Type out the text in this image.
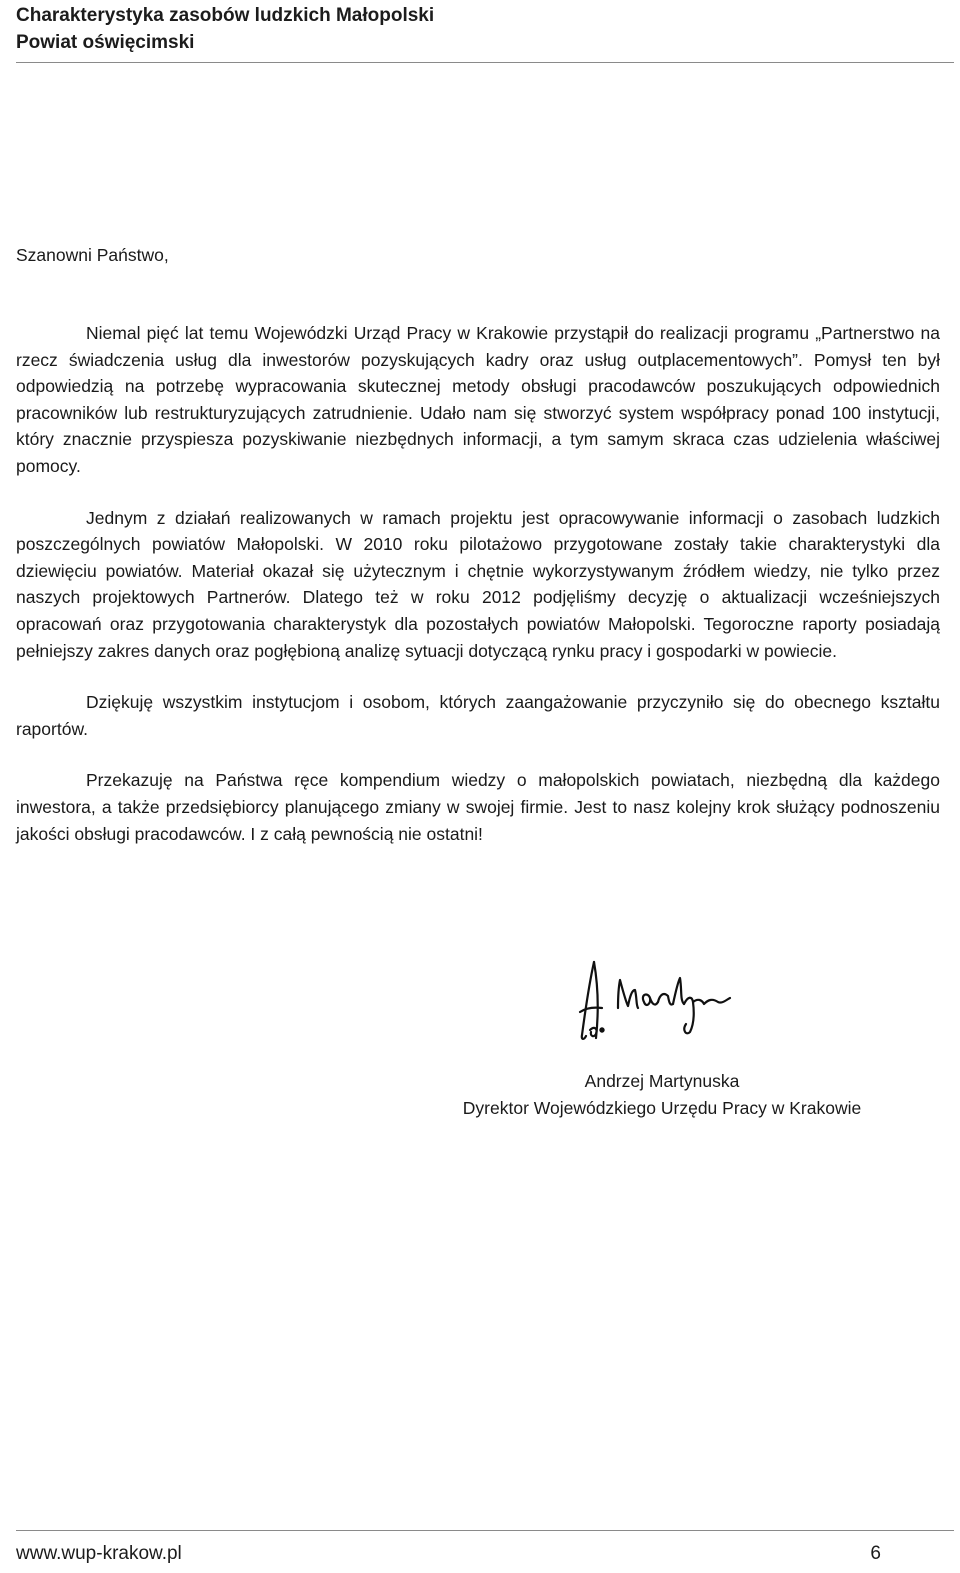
Charakterystyka zasobów ludzkich Małopolski
Powiat oświęcimski
Szanowni Państwo,

Niemal pięć lat temu Wojewódzki Urząd Pracy w Krakowie przystąpił do realizacji programu „Partnerstwo na rzecz świadczenia usług dla inwestorów pozyskujących kadry oraz usług outplacementowych”. Pomysł ten był odpowiedzią na potrzebę wypracowania skutecznej metody obsługi pracodawców poszukujących odpowiednich pracowników lub restrukturyzujących zatrudnienie. Udało nam się stworzyć system współpracy ponad 100 instytucji, który znacznie przyspiesza pozyskiwanie niezbędnych informacji, a tym samym skraca czas udzielenia właściwej pomocy.

Jednym z działań realizowanych w ramach projektu jest opracowywanie informacji o zasobach ludzkich poszczególnych powiatów Małopolski. W 2010 roku pilotażowo przygotowane zostały takie charakterystyki dla dziewięciu powiatów. Materiał okazał się użytecznym i chętnie wykorzystywanym źródłem wiedzy, nie tylko przez naszych projektowych Partnerów. Dlatego też w roku 2012 podjęliśmy decyzję o aktualizacji wcześniejszych opracowań oraz przygotowania charakterystyk dla pozostałych powiatów Małopolski. Tegoroczne raporty posiadają pełniejszy zakres danych oraz pogłębioną analizę sytuacji dotyczącą rynku pracy i gospodarki w powiecie.

Dziękuję wszystkim instytucjom i osobom, których zaangażowanie przyczyniło się do obecnego kształtu raportów.

Przekazuję na Państwa ręce kompendium wiedzy o małopolskich powiatach, niezbędną dla każdego inwestora, a także przedsiębiorcy planującego zmiany w swojej firmie. Jest to nasz kolejny krok służący podnoszeniu jakości obsługi pracodawców. I z całą pewnością nie ostatni!

Andrzej Martynuska
Dyrektor Wojewódzkiego Urzędu Pracy w Krakowie
www.wup-krakow.pl	6
